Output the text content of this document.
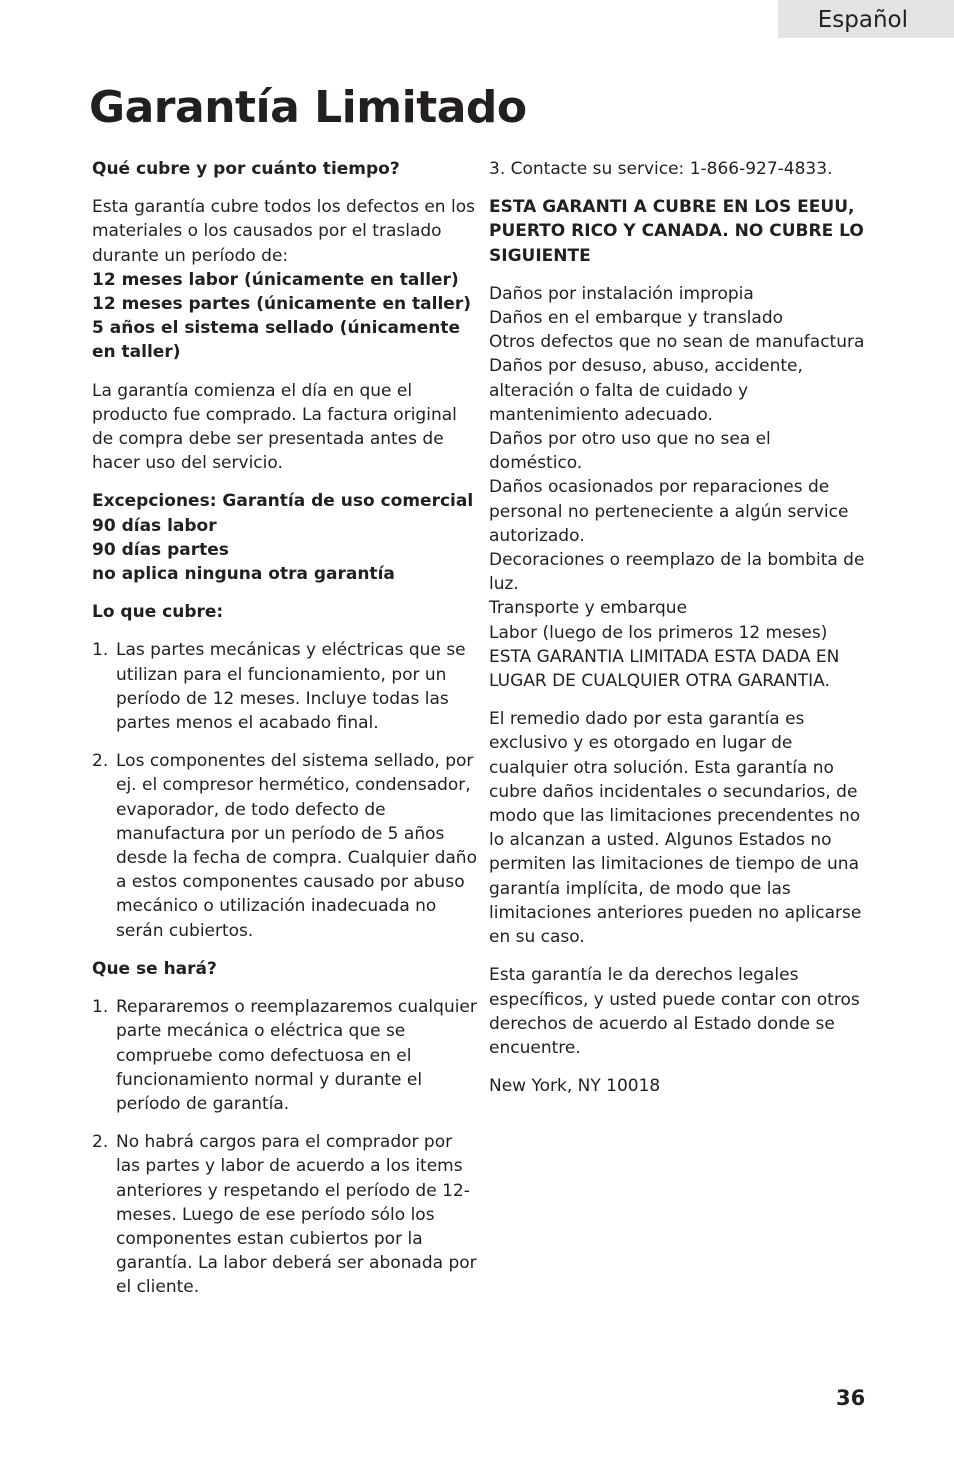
Español
Garantía Limitado

Qué cubre y por cuánto tiempo?

Esta garantía cubre todos los defectos en los materiales o los causados por el traslado durante un período de:
12 meses labor (únicamente en taller)
12 meses partes (únicamente en taller)
5 años el sistema sellado (únicamente en taller)

La garantía comienza el día en que el producto fue comprado. La factura original de compra debe ser presentada antes de hacer uso del servicio.

Excepciones: Garantía de uso comercial
90 días labor
90 días partes
no aplica ninguna otra garantía

Lo que cubre:

1. Las partes mecánicas y eléctricas que se utilizan para el funcionamiento, por un período de 12 meses. Incluye todas las partes menos el acabado final.
2. Los componentes del sistema sellado, por ej. el compresor hermético, condensador, evaporador, de todo defecto de manufactura por un período de 5 años desde la fecha de compra. Cualquier daño a estos componentes causado por abuso mecánico o utilización inadecuada no serán cubiertos.

Que se hará?

1. Repararemos o reemplazaremos cualquier parte mecánica o eléctrica que se compruebe como defectuosa en el funcionamiento normal y durante el período de garantía.
2. No habrá cargos para el comprador por las partes y labor de acuerdo a los items anteriores y respetando el período de 12-meses. Luego de ese período sólo los componentes estan cubiertos por la garantía. La labor deberá ser abonada por el cliente.

3. Contacte su service: 1-866-927-4833.

ESTA GARANTI A CUBRE EN LOS EEUU, PUERTO RICO Y CANADA. NO CUBRE LO SIGUIENTE

Daños por instalación impropia
Daños en el embarque y translado
Otros defectos que no sean de manufactura
Daños por desuso, abuso, accidente, alteración o falta de cuidado y mantenimiento adecuado.
Daños por otro uso que no sea el doméstico.
Daños ocasionados por reparaciones de personal no perteneciente a algún service autorizado.
Decoraciones o reemplazo de la bombita de luz.
Transporte y embarque
Labor (luego de los primeros 12 meses)
ESTA GARANTIA LIMITADA ESTA DADA EN LUGAR DE CUALQUIER OTRA GARANTIA.

El remedio dado por esta garantía es exclusivo y es otorgado en lugar de cualquier otra solución. Esta garantía no cubre daños incidentales o secundarios, de modo que las limitaciones precendentes no lo alcanzan a usted. Algunos Estados no permiten las limitaciones de tiempo de una garantía implícita, de modo que las limitaciones anteriores pueden no aplicarse en su caso.

Esta garantía le da derechos legales específicos, y usted puede contar con otros derechos de acuerdo al Estado donde se encuentre.

New York, NY 10018

36
